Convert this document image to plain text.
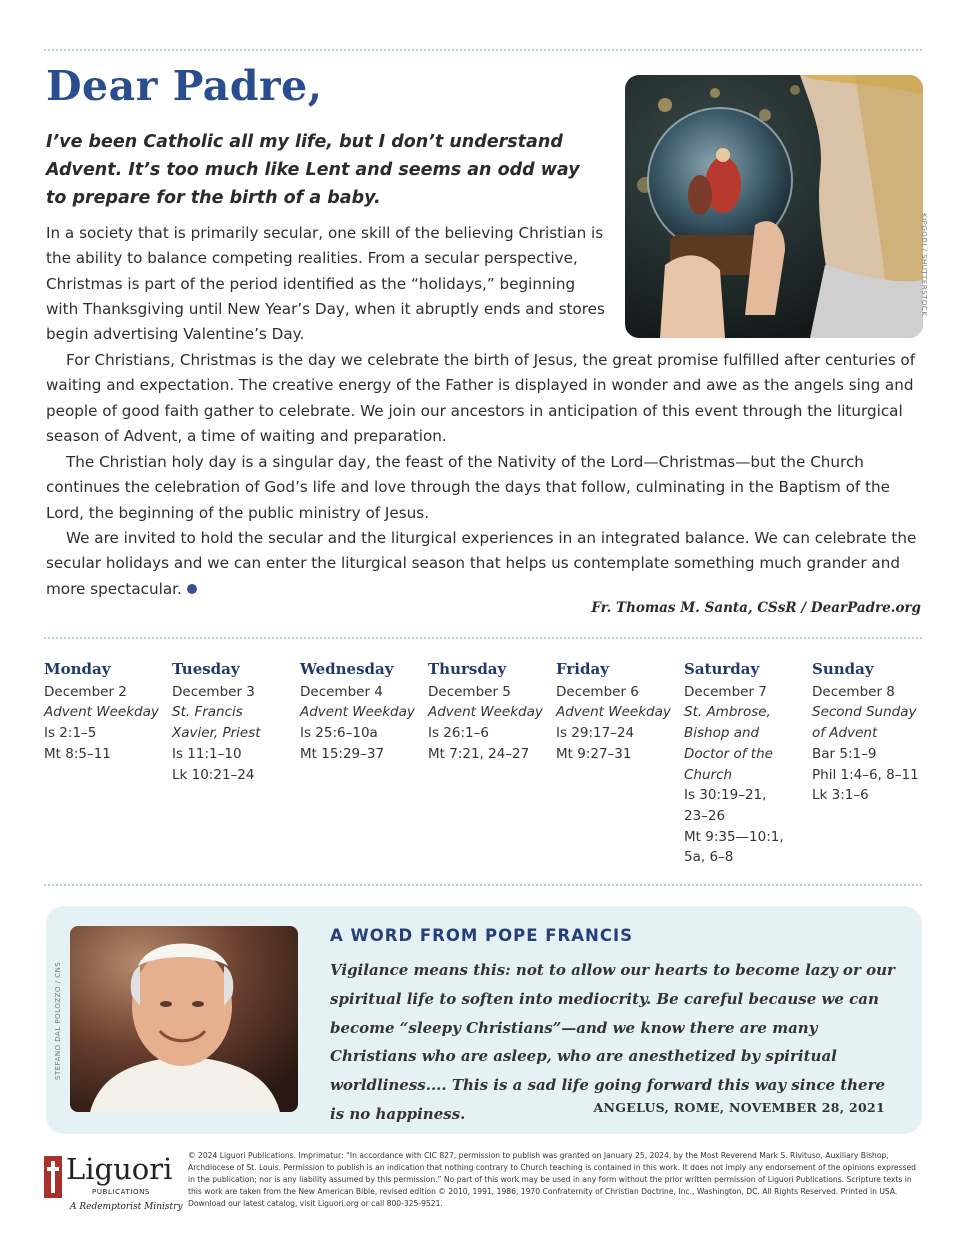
Dear Padre,

I’ve been Catholic all my life, but I don’t understand Advent. It’s too much like Lent and seems an odd way to prepare for the birth of a baby.

KIPGODI / SHUTTERSTOCK

In a society that is primarily secular, one skill of the believing Christian is the ability to balance competing realities. From a secular perspective, Christmas is part of the period identified as the “holidays,” beginning with Thanksgiving until New Year’s Day, when it abruptly ends and stores begin advertising Valentine’s Day.

For Christians, Christmas is the day we celebrate the birth of Jesus, the great promise fulfilled after centuries of waiting and expectation. The creative energy of the Father is displayed in wonder and awe as the angels sing and people of good faith gather to celebrate. We join our ancestors in anticipation of this event through the liturgical season of Advent, a time of waiting and preparation.

The Christian holy day is a singular day, the feast of the Nativity of the Lord—Christmas—but the Church continues the celebration of God’s life and love through the days that follow, culminating in the Baptism of the Lord, the beginning of the public ministry of Jesus.

We are invited to hold the secular and the liturgical experiences in an integrated balance. We can celebrate the secular holidays and we can enter the liturgical season that helps us contemplate something much grander and more spectacular.

Fr. Thomas M. Santa, CSsR / DearPadre.org
Monday
December 2
Advent Weekday
Is 2:1–5
Mt 8:5–11
Tuesday
December 3
St. Francis Xavier, Priest
Is 11:1–10
Lk 10:21–24
Wednesday
December 4
Advent Weekday
Is 25:6–10a
Mt 15:29–37
Thursday
December 5
Advent Weekday
Is 26:1–6
Mt 7:21, 24–27
Friday
December 6
Advent Weekday
Is 29:17–24
Mt 9:27–31
Saturday
December 7
St. Ambrose, Bishop and Doctor of the Church
Is 30:19–21, 23–26
Mt 9:35—10:1, 5a, 6–8
Sunday
December 8
Second Sunday of Advent
Bar 5:1–9
Phil 1:4–6, 8–11
Lk 3:1–6
STEFANO DAL POLOZZO / CNS
A WORD FROM POPE FRANCIS

Vigilance means this: not to allow our hearts to become lazy or our spiritual life to soften into mediocrity. Be careful because we can become “sleepy Christians”—and we know there are many Christians who are asleep, who are anesthetized by spiritual worldliness.... This is a sad life going forward this way since there is no happiness.	ANGELUS, ROME, NOVEMBER 28, 2021
Liguori
PUBLICATIONS
A Redemptorist Ministry

© 2024 Liguori Publications. Imprimatur: “In accordance with CIC 827, permission to publish was granted on January 25, 2024, by the Most Reverend Mark S. Rivituso, Auxiliary Bishop, Archdiocese of St. Louis. Permission to publish is an indication that nothing contrary to Church teaching is contained in this work. It does not imply any endorsement of the opinions expressed in the publication; nor is any liability assumed by this permission.” No part of this work may be used in any form without the prior written permission of Liguori Publications. Scripture texts in this work are taken from the New American Bible, revised edition © 2010, 1991, 1986, 1970 Confraternity of Christian Doctrine, Inc., Washington, DC. All Rights Reserved. Printed in USA. Download our latest catalog, visit Liguori.org or call 800-325-9521.
